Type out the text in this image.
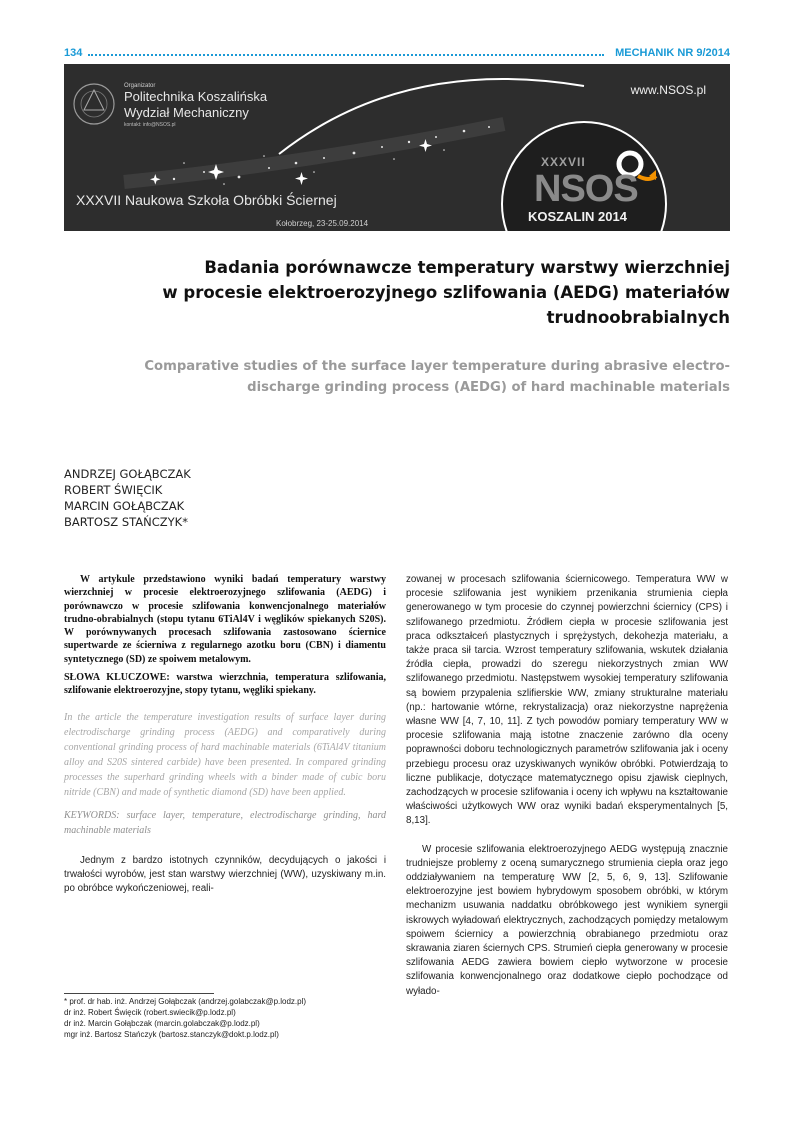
134	MECHANIK NR 9/2014
Organizator
Politechnika Koszalińska
Wydział Mechaniczny
kontakt: info@NSOS.pl
www.NSOS.pl
XXXVII Naukowa Szkoła Obróbki Ściernej
Kołobrzeg, 23-25.09.2014
XXXVII
NSOS
KOSZALIN 2014
Badania porównawcze temperatury warstwy wierzchniej
w procesie elektroerozyjnego szlifowania (AEDG) materiałów
trudnoobrabialnych
Comparative studies of the surface layer temperature during abrasive electro-
discharge grinding process (AEDG) of hard machinable materials
ANDRZEJ GOŁĄBCZAK
ROBERT ŚWIĘCIK
MARCIN GOŁĄBCZAK
BARTOSZ STAŃCZYK*

W artykule przedstawiono wyniki badań temperatury warstwy wierzchniej w procesie elektroerozyjnego szlifowania (AEDG) i porównawczo w procesie szlifowania konwencjonalnego materiałów trudno-obrabialnych (stopu tytanu 6TiAl4V i węglików spiekanych S20S). W porównywanych procesach szlifowania zastosowano ściernice supertwarde ze ścierniwa z regularnego azotku boru (CBN) i diamentu syntetycznego (SD) ze spoiwem metalowym.

SŁOWA KLUCZOWE: warstwa wierzchnia, temperatura szlifowania, szlifowanie elektroerozyjne, stopy tytanu, węgliki spiekany.

In the article the temperature investigation results of surface layer during electrodischarge grinding process (AEDG) and comparatively during conventional grinding process of hard machinable materials (6TiAl4V titanium alloy and S20S sintered carbide) have been presented. In compared grinding processes the superhard grinding wheels with a binder made of cubic boru nitride (CBN) and made of synthetic diamond (SD) have been applied.

KEYWORDS: surface layer, temperature, electrodischarge grinding, hard machinable materials

Jednym z bardzo istotnych czynników, decydujących o jakości i trwałości wyrobów, jest stan warstwy wierzchniej (WW), uzyskiwany m.in. po obróbce wykończeniowej, reali-

zowanej w procesach szlifowania ściernicowego. Temperatura WW w procesie szlifowania jest wynikiem przenikania strumienia ciepła generowanego w tym procesie do czynnej powierzchni ściernicy (CPS) i szlifowanego przedmiotu. Źródłem ciepła w procesie szlifowania jest praca odkształceń plastycznych i sprężystych, dekohezja materiału, a także praca sił tarcia. Wzrost temperatury szlifowania, wskutek działania źródła ciepła, prowadzi do szeregu niekorzystnych zmian WW szlifowanego przedmiotu. Następstwem wysokiej temperatury szlifowania są bowiem przypalenia szlifierskie WW, zmiany strukturalne materiału (np.: hartowanie wtórne, rekrystalizacja) oraz niekorzystne naprężenia własne WW [4, 7, 10, 11]. Z tych powodów pomiary temperatury WW w procesie szlifowania mają istotne znaczenie zarówno dla oceny poprawności doboru technologicznych parametrów szlifowania jak i oceny przebiegu procesu oraz uzyskiwanych wyników obróbki. Potwierdzają to liczne publikacje, dotyczące matematycznego opisu zjawisk cieplnych, zachodzących w procesie szlifowania i oceny ich wpływu na kształtowanie właściwości użytkowych WW oraz wyniki badań eksperymentalnych [5, 8,13].

W procesie szlifowania elektroerozyjnego AEDG występują znacznie trudniejsze problemy z oceną sumarycznego strumienia ciepła oraz jego oddziaływaniem na temperaturę WW [2, 5, 6, 9, 13]. Szlifowanie elektroerozyjne jest bowiem hybrydowym sposobem obróbki, w którym mechanizm usuwania naddatku obróbkowego jest wynikiem synergii iskrowych wyładowań elektrycznych, zachodzących pomiędzy metalowym spoiwem ściernicy a powierzchnią obrabianego przedmiotu oraz skrawania ziaren ściernych CPS. Strumień ciepła generowany w procesie szlifowania AEDG zawiera bowiem ciepło wytworzone w procesie szlifowania konwencjonalnego oraz dodatkowe ciepło pochodzące od wyłado-

* prof. dr hab. inż. Andrzej Gołąbczak (andrzej.golabczak@p.lodz.pl)
dr inż. Robert Święcik (robert.swiecik@p.lodz.pl)
dr inż. Marcin Gołąbczak (marcin.golabczak@p.lodz.pl)
mgr inż. Bartosz Stańczyk (bartosz.stanczyk@dokt.p.lodz.pl)
